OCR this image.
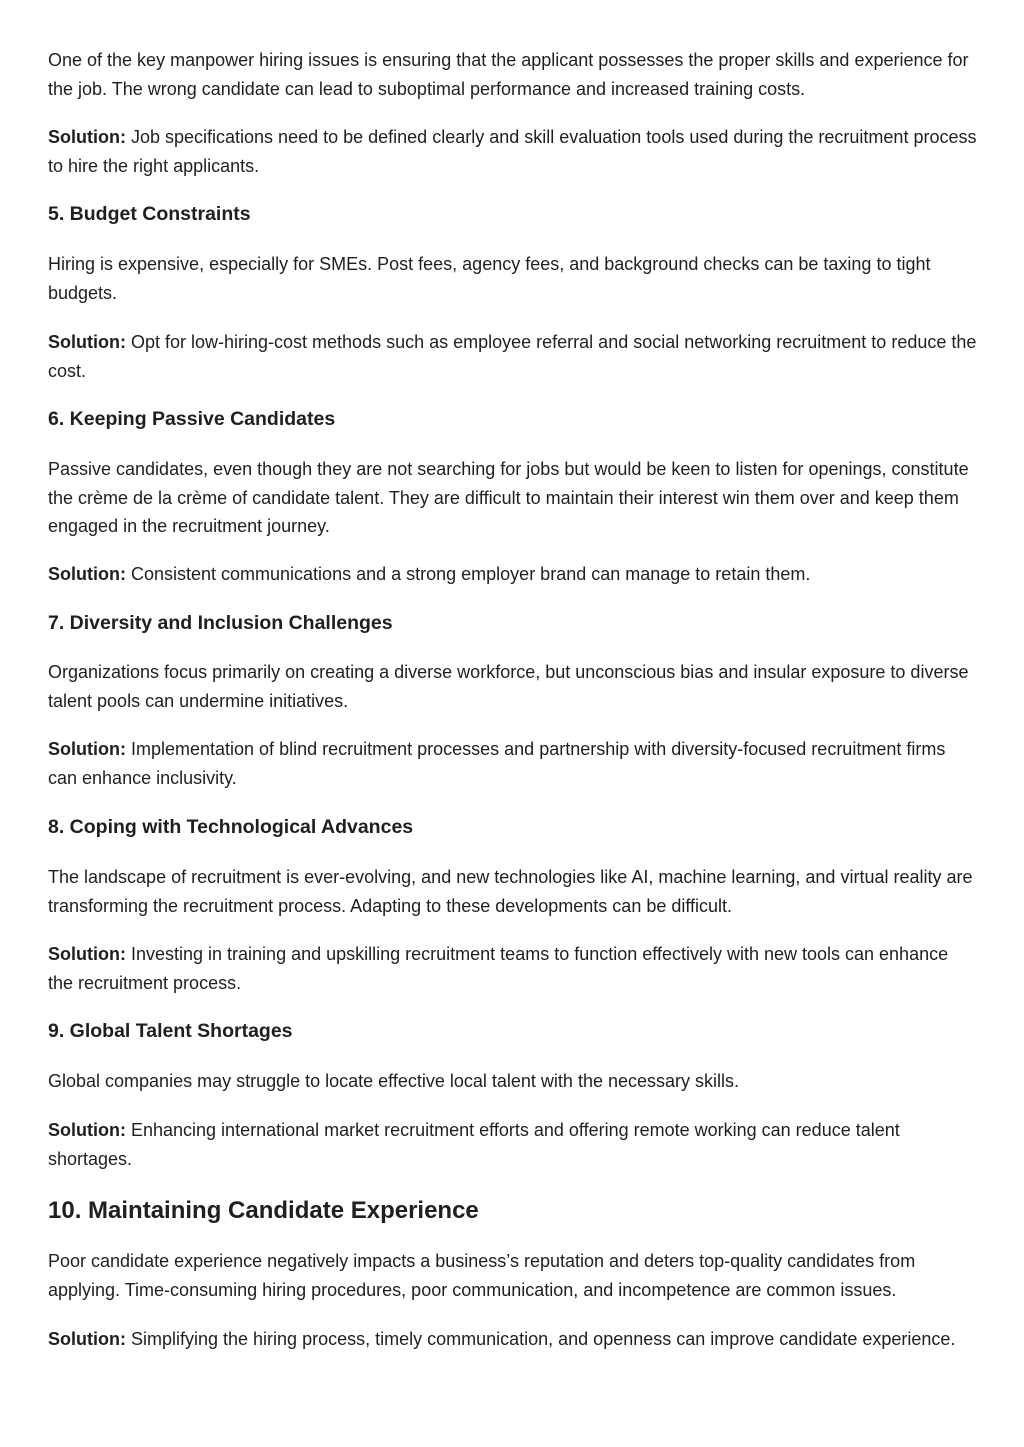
One of the key manpower hiring issues is ensuring that the applicant possesses the proper skills and experience for the job. The wrong candidate can lead to suboptimal performance and increased training costs.

Solution: Job specifications need to be defined clearly and skill evaluation tools used during the recruitment process to hire the right applicants.

5. Budget Constraints

Hiring is expensive, especially for SMEs. Post fees, agency fees, and background checks can be taxing to tight budgets.

Solution: Opt for low-hiring-cost methods such as employee referral and social networking recruitment to reduce the cost.

6. Keeping Passive Candidates

Passive candidates, even though they are not searching for jobs but would be keen to listen for openings, constitute the crème de la crème of candidate talent. They are difficult to maintain their interest win them over and keep them engaged in the recruitment journey.

Solution: Consistent communications and a strong employer brand can manage to retain them.

7. Diversity and Inclusion Challenges

Organizations focus primarily on creating a diverse workforce, but unconscious bias and insular exposure to diverse talent pools can undermine initiatives.

Solution: Implementation of blind recruitment processes and partnership with diversity-focused recruitment firms can enhance inclusivity.

8. Coping with Technological Advances

The landscape of recruitment is ever-evolving, and new technologies like AI, machine learning, and virtual reality are transforming the recruitment process. Adapting to these developments can be difficult.

Solution: Investing in training and upskilling recruitment teams to function effectively with new tools can enhance the recruitment process.

9. Global Talent Shortages

Global companies may struggle to locate effective local talent with the necessary skills.

Solution: Enhancing international market recruitment efforts and offering remote working can reduce talent shortages.

10. Maintaining Candidate Experience

Poor candidate experience negatively impacts a business’s reputation and deters top-quality candidates from applying. Time-consuming hiring procedures, poor communication, and incompetence are common issues.

Solution: Simplifying the hiring process, timely communication, and openness can improve candidate experience.
